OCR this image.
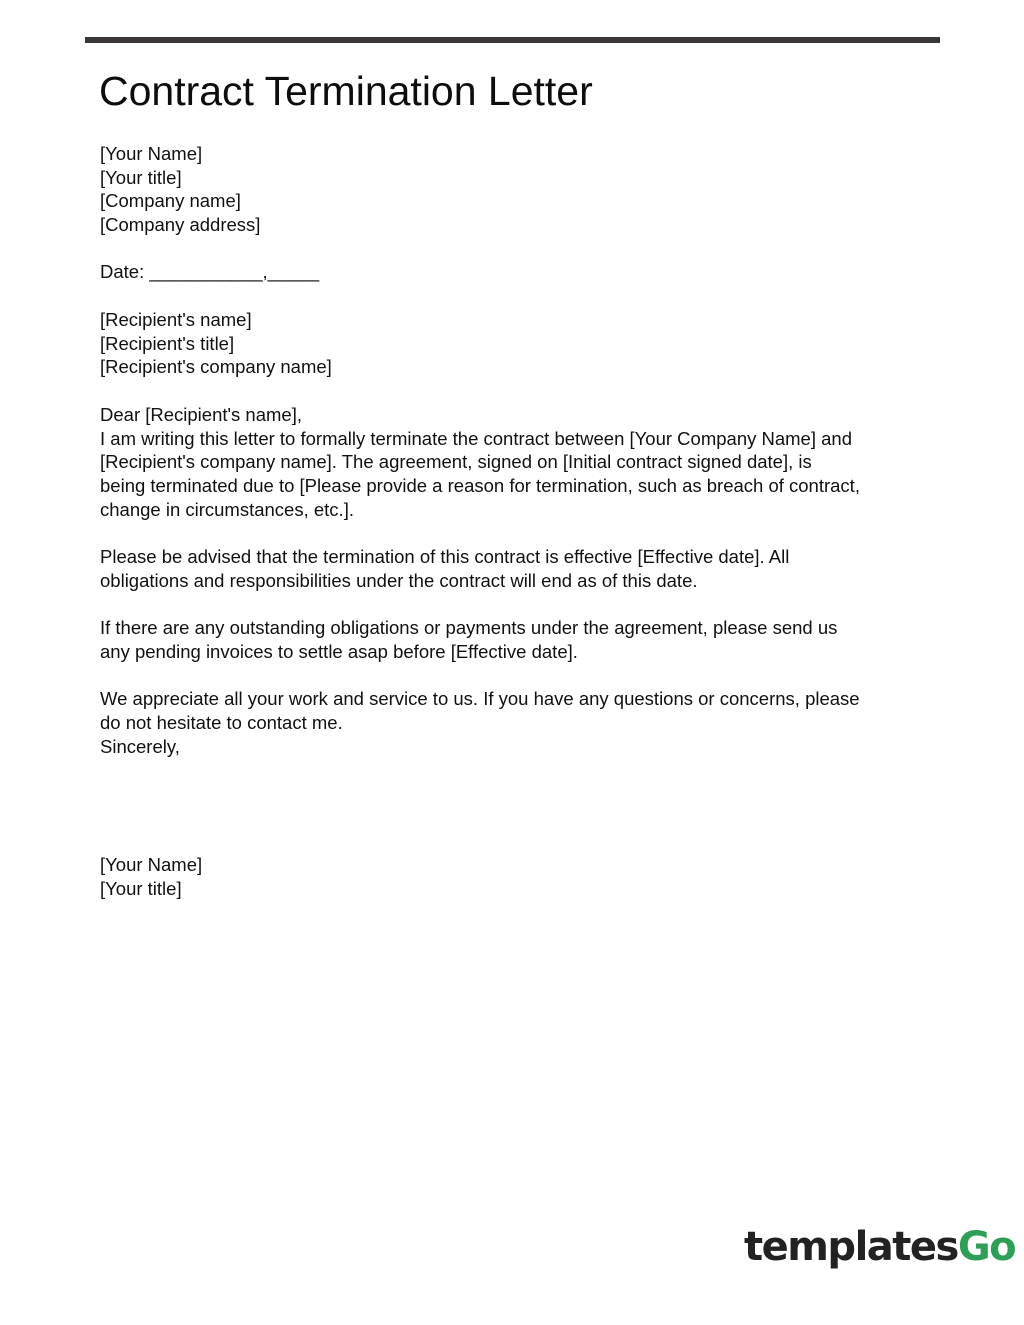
Contract Termination Letter
[Your Name]
[Your title]
[Company name]
[Company address]
Date: ___________,_____
[Recipient's name]
[Recipient's title]
[Recipient's company name]
Dear [Recipient's name],
I am writing this letter to formally terminate the contract between [Your Company Name] and
[Recipient's company name]. The agreement, signed on [Initial contract signed date], is
being terminated due to [Please provide a reason for termination, such as breach of contract,
change in circumstances, etc.].
Please be advised that the termination of this contract is effective [Effective date]. All
obligations and responsibilities under the contract will end as of this date.
If there are any outstanding obligations or payments under the agreement, please send us
any pending invoices to settle asap before [Effective date].
We appreciate all your work and service to us. If you have any questions or concerns, please
do not hesitate to contact me.
Sincerely,
[Your Name]
[Your title]
templatesGo
